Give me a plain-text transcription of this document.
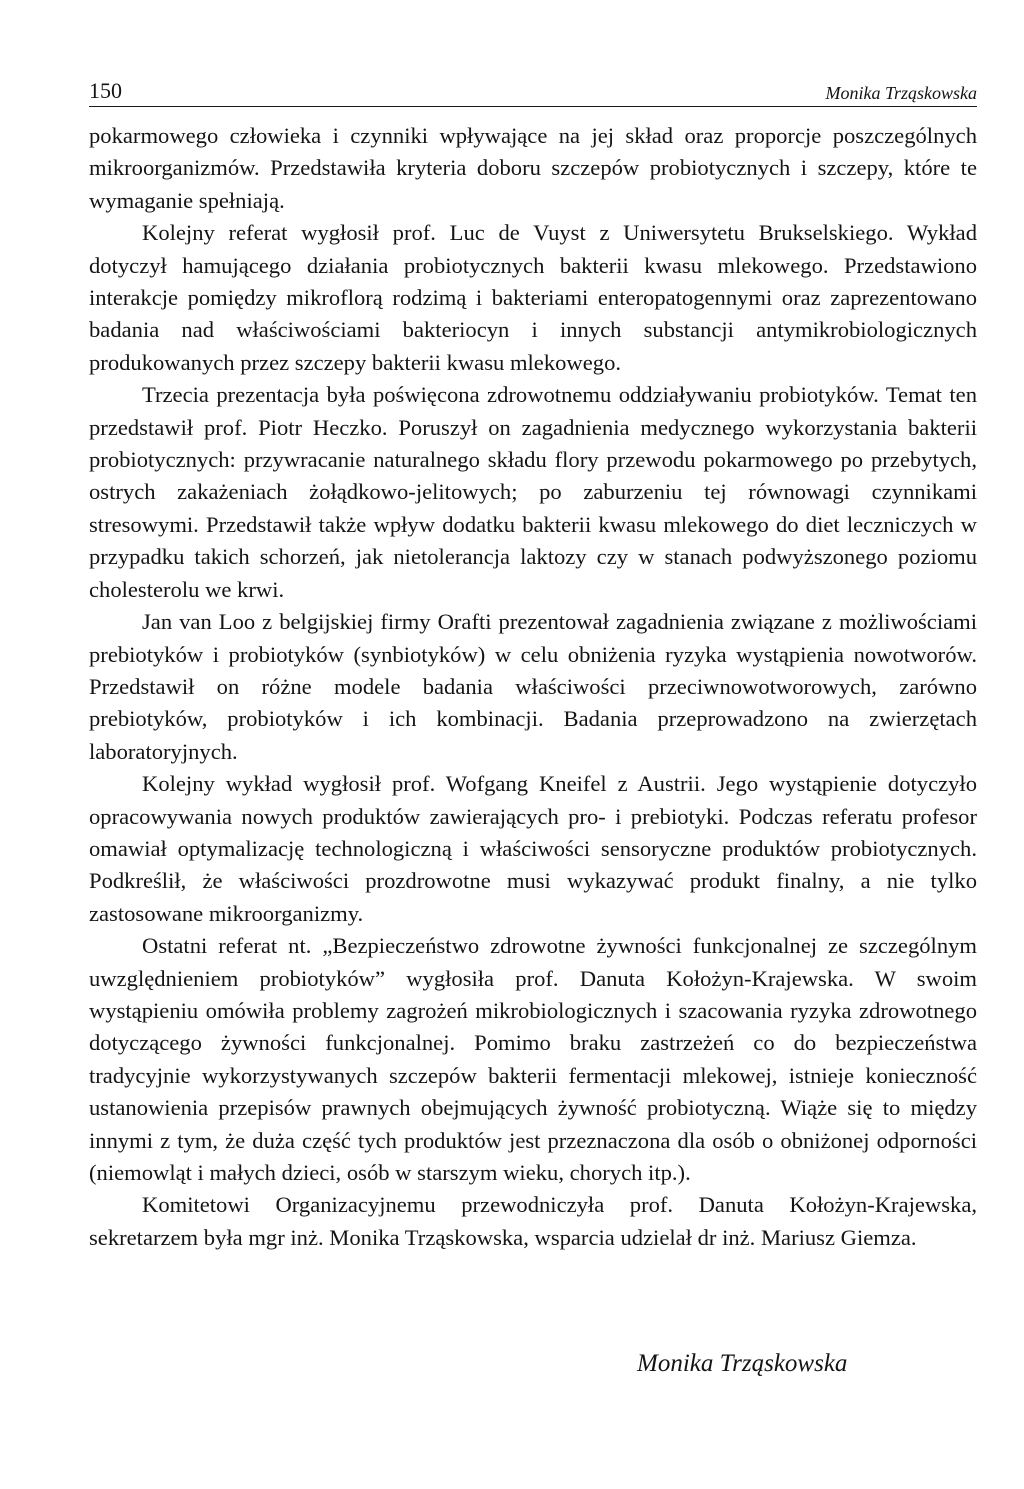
150	Monika Trząskowska

pokarmowego człowieka i czynniki wpływające na jej skład oraz proporcje poszczególnych mikroorganizmów. Przedstawiła kryteria doboru szczepów probiotycznych i szczepy, które te wymaganie spełniają.

Kolejny referat wygłosił prof. Luc de Vuyst z Uniwersytetu Brukselskiego. Wykład dotyczył hamującego działania probiotycznych bakterii kwasu mlekowego. Przedstawiono interakcje pomiędzy mikroflorą rodzimą i bakteriami enteropatogennymi oraz zaprezentowano badania nad właściwościami bakteriocyn i innych substancji antymikrobiologicznych produkowanych przez szczepy bakterii kwasu mlekowego.

Trzecia prezentacja była poświęcona zdrowotnemu oddziaływaniu probiotyków. Temat ten przedstawił prof. Piotr Heczko. Poruszył on zagadnienia medycznego wykorzystania bakterii probiotycznych: przywracanie naturalnego składu flory przewodu pokarmowego po przebytych, ostrych zakażeniach żołądkowo-jelitowych; po zaburzeniu tej równowagi czynnikami stresowymi. Przedstawił także wpływ dodatku bakterii kwasu mlekowego do diet leczniczych w przypadku takich schorzeń, jak nietolerancja laktozy czy w stanach podwyższonego poziomu cholesterolu we krwi.

Jan van Loo z belgijskiej firmy Orafti prezentował zagadnienia związane z możliwościami prebiotyków i probiotyków (synbiotyków) w celu obniżenia ryzyka wystąpienia nowotworów. Przedstawił on różne modele badania właściwości przeciwnowotworowych, zarówno prebiotyków, probiotyków i ich kombinacji. Badania przeprowadzono na zwierzętach laboratoryjnych.

Kolejny wykład wygłosił prof. Wofgang Kneifel z Austrii. Jego wystąpienie dotyczyło opracowywania nowych produktów zawierających pro- i prebiotyki. Podczas referatu profesor omawiał optymalizację technologiczną i właściwości sensoryczne produktów probiotycznych. Podkreślił, że właściwości prozdrowotne musi wykazywać produkt finalny, a nie tylko zastosowane mikroorganizmy.

Ostatni referat nt. „Bezpieczeństwo zdrowotne żywności funkcjonalnej ze szczególnym uwzględnieniem probiotyków” wygłosiła prof. Danuta Kołożyn-Krajewska. W swoim wystąpieniu omówiła problemy zagrożeń mikrobiologicznych i szacowania ryzyka zdrowotnego dotyczącego żywności funkcjonalnej. Pomimo braku zastrzeżeń co do bezpieczeństwa tradycyjnie wykorzystywanych szczepów bakterii fermentacji mlekowej, istnieje konieczność ustanowienia przepisów prawnych obejmujących żywność probiotyczną. Wiąże się to między innymi z tym, że duża część tych produktów jest przeznaczona dla osób o obniżonej odporności (niemowląt i małych dzieci, osób w starszym wieku, chorych itp.).

Komitetowi Organizacyjnemu przewodniczyła prof. Danuta Kołożyn-Krajewska, sekretarzem była mgr inż. Monika Trząskowska, wsparcia udzielał dr inż. Mariusz Giemza.

Monika Trząskowska
